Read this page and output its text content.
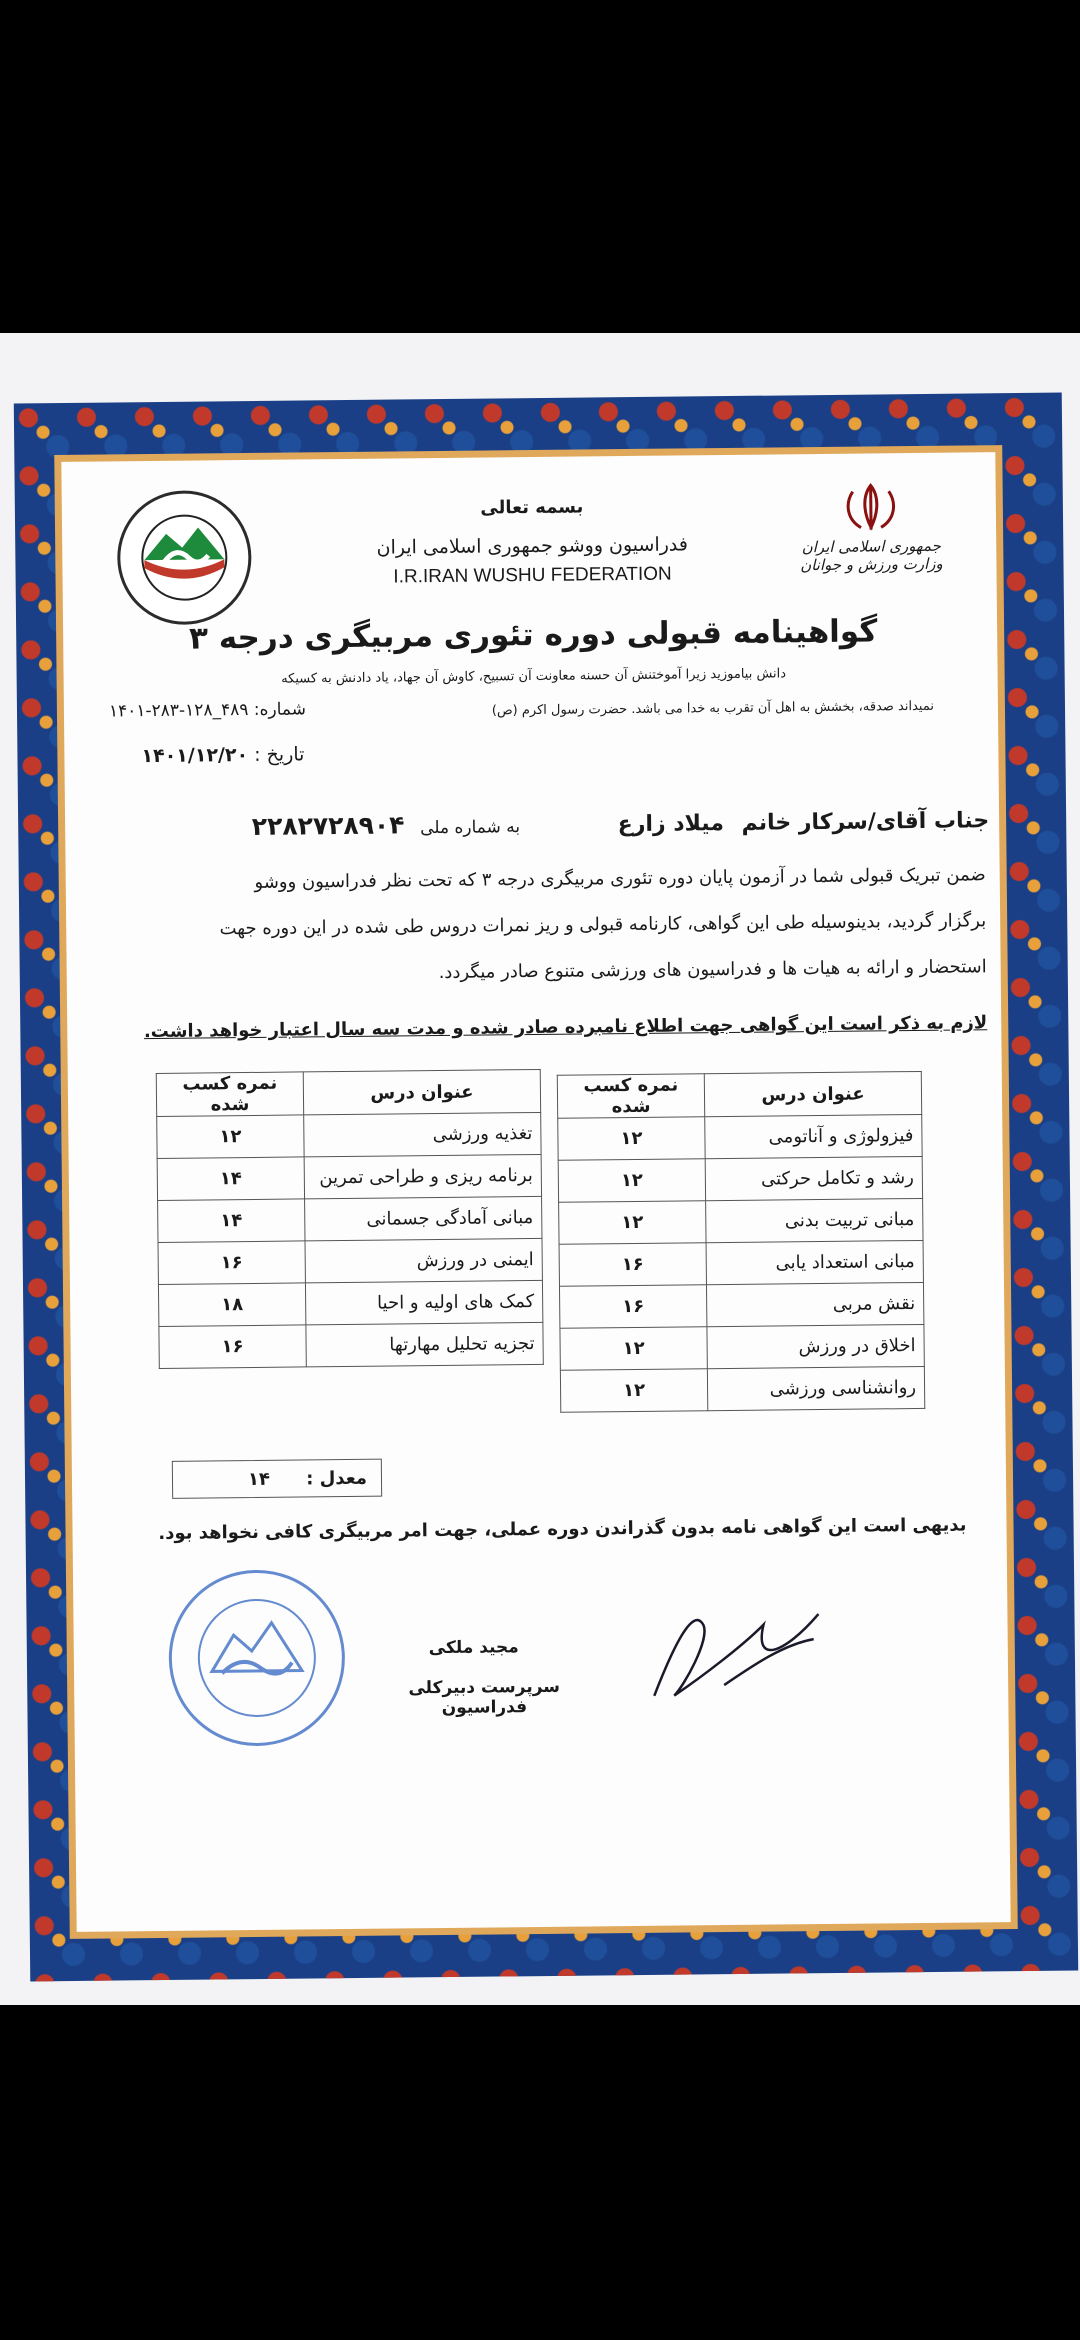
بسمه تعالی
فدراسیون ووشو جمهوری اسلامی ایران
I.R.IRAN WUSHU FEDERATION
جمهوری اسلامی ایران
وزارت ورزش و جوانان
گواهینامه قبولی دوره تئوری مربیگری درجه ۳
دانش بیاموزید زیرا آموختنش آن حسنه معاونت آن تسبیح، کاوش آن جهاد، یاد دادنش به کسیکه
نمیداند صدقه، بخشش به اهل آن تقرب به خدا می باشد. حضرت رسول اکرم (ص)
شماره: ۱۴۰۱-۲۸۳-۱۲۸_۴۸۹
تاریخ : ۱۴۰۱/۱۲/۲۰
جناب آقای/سرکار خانم میلاد زارع به شماره ملی ۲۲۸۲۷۲۸۹۰۴
ضمن تبریک قبولی شما در آزمون پایان دوره تئوری مربیگری درجه ۳ که تحت نظر فدراسیون ووشو
برگزار گردید، بدینوسیله طی این گواهی، کارنامه قبولی و ریز نمرات دروس طی شده در این دوره جهت
استحضار و ارائه به هیات ها و فدراسیون های ورزشی متنوع صادر میگردد.
لازم به ذکر است این گواهی جهت اطلاع نامبرده صادر شده و مدت سه سال اعتبار خواهد داشت.
عنوان درس	نمره کسب شده
فیزولوژی و آناتومی	۱۲
رشد و تکامل حرکتی	۱۲
مبانی تربیت بدنی	۱۲
مبانی استعداد یابی	۱۶
نقش مربی	۱۶
اخلاق در ورزش	۱۲
روانشناسی ورزشی	۱۲
عنوان درس	نمره کسب شده
تغذیه ورزشی	۱۲
برنامه ریزی و طراحی تمرین	۱۴
مبانی آمادگی جسمانی	۱۴
ایمنی در ورزش	۱۶
کمک های اولیه و احیا	۱۸
تجزیه تحلیل مهارتها	۱۶
معدل : ۱۴
بدیهی است این گواهی نامه بدون گذراندن دوره عملی، جهت امر مربیگری کافی نخواهد بود.
مجید ملکی
سرپرست دبیرکلی فدراسیون
